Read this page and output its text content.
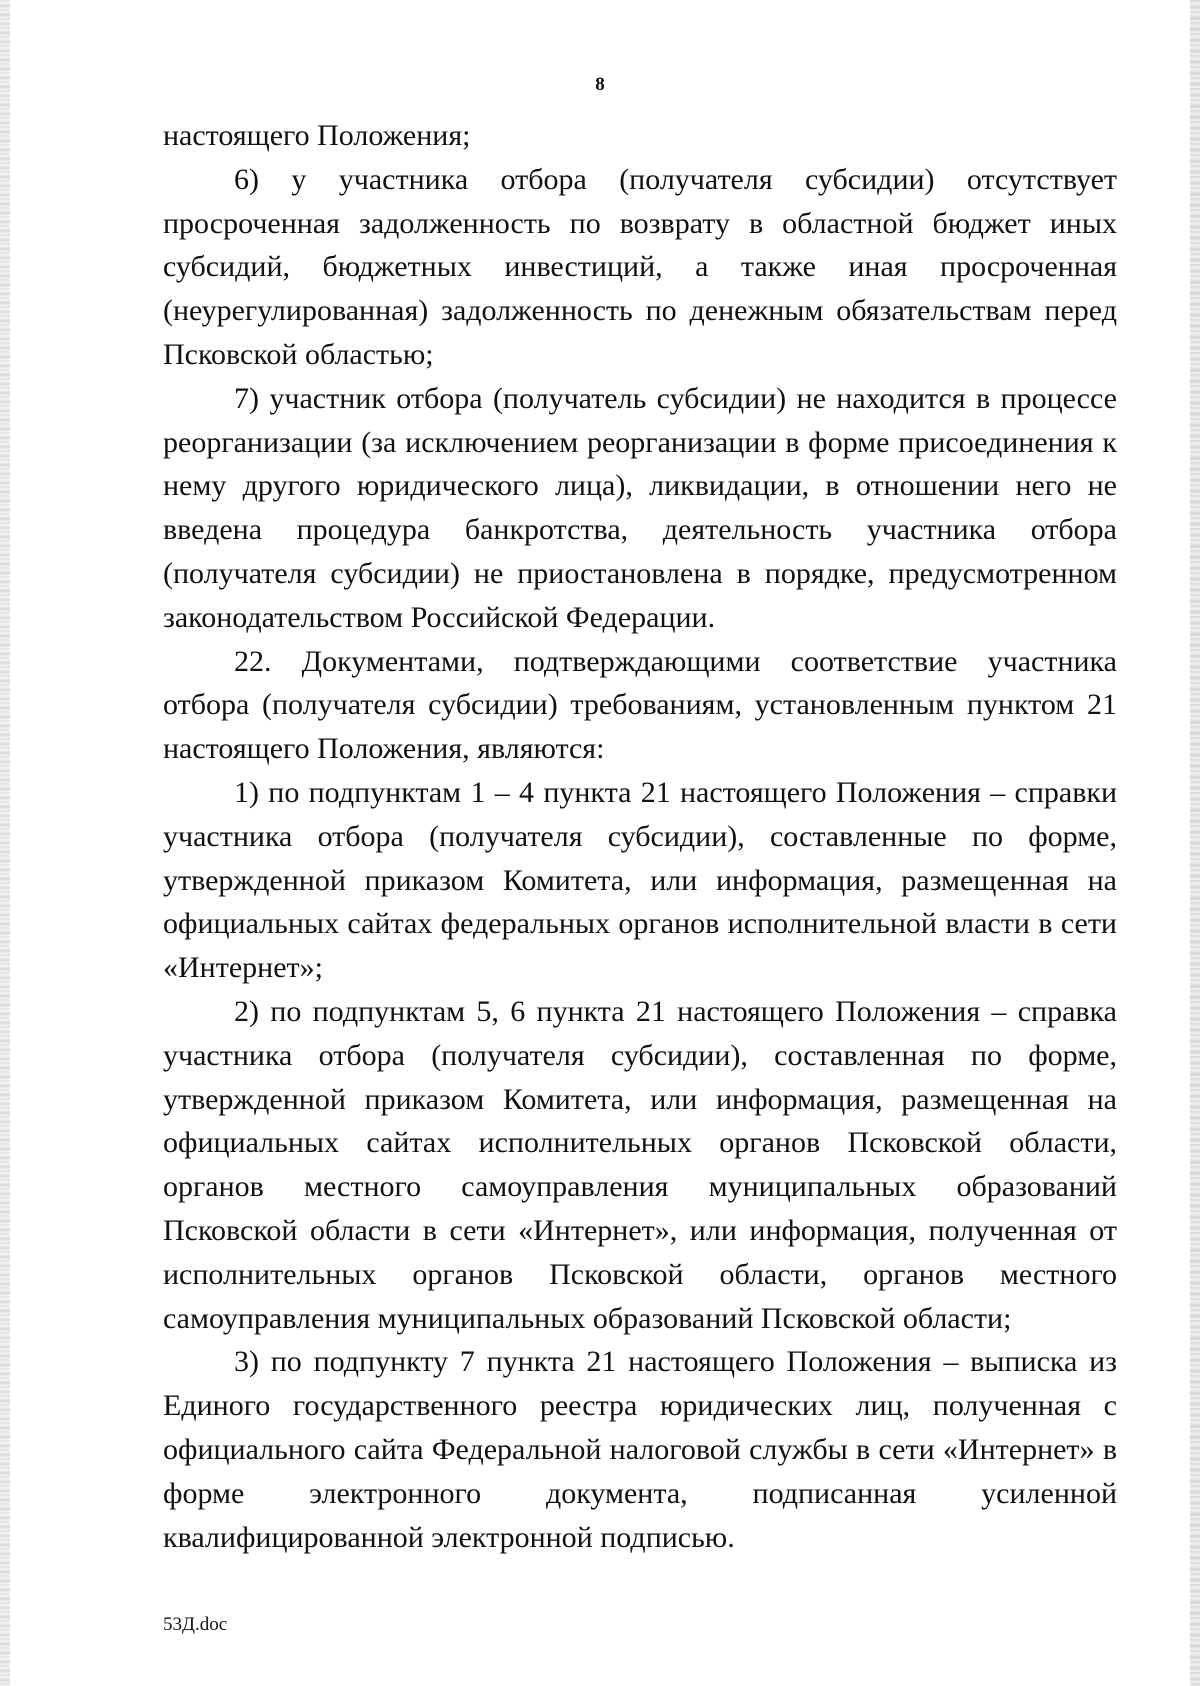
8

настоящего Положения;

6) у участника отбора (получателя субсидии) отсутствует просроченная задолженность по возврату в областной бюджет иных субсидий, бюджетных инвестиций, а также иная просроченная (неурегулированная) задолженность по денежным обязательствам перед Псковской областью;

7) участник отбора (получатель субсидии) не находится в процессе реорганизации (за исключением реорганизации в форме присоединения к нему другого юридического лица), ликвидации, в отношении него не введена процедура банкротства, деятельность участника отбора (получателя субсидии) не приостановлена в порядке, предусмотренном законодательством Российской Федерации.

22. Документами, подтверждающими соответствие участника отбора (получателя субсидии) требованиям, установленным пунктом 21 настоящего Положения, являются:

1) по подпунктам 1 – 4 пункта 21 настоящего Положения – справки участника отбора (получателя субсидии), составленные по форме, утвержденной приказом Комитета, или информация, размещенная на официальных сайтах федеральных органов исполнительной власти в сети «Интернет»;

2) по подпунктам 5, 6 пункта 21 настоящего Положения – справка участника отбора (получателя субсидии), составленная по форме, утвержденной приказом Комитета, или информация, размещенная на официальных сайтах исполнительных органов Псковской области, органов местного самоуправления муниципальных образований Псковской области в сети «Интернет», или информация, полученная от исполнительных органов Псковской области, органов местного самоуправления муниципальных образований Псковской области;

3) по подпункту 7 пункта 21 настоящего Положения – выписка из Единого государственного реестра юридических лиц, полученная с официального сайта Федеральной налоговой службы в сети «Интернет» в форме электронного документа, подписанная усиленной квалифицированной электронной подписью.

53Д.doc
